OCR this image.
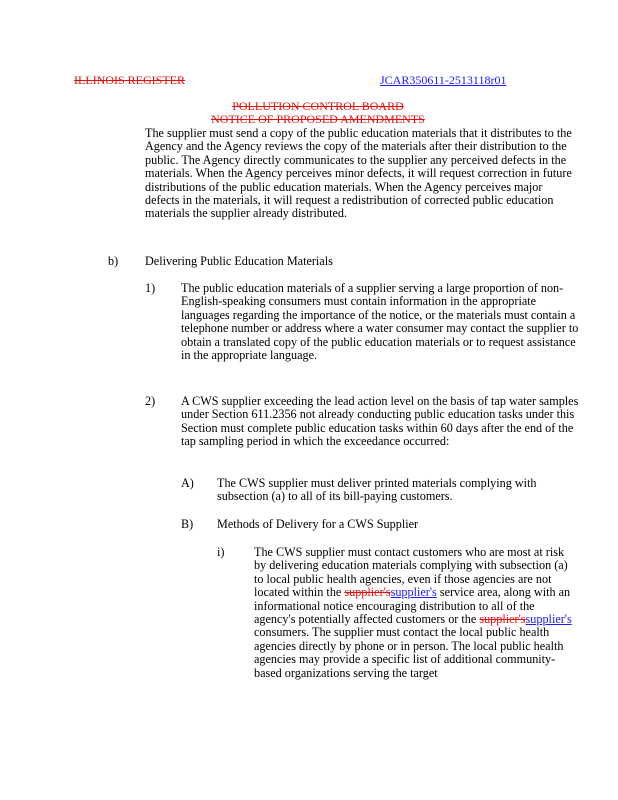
ILLINOIS REGISTER	JCAR350611-2513118r01
POLLUTION CONTROL BOARD
NOTICE OF PROPOSED AMENDMENTS
The supplier must send a copy of the public education materials that it distributes to the Agency and the Agency reviews the copy of the materials after their distribution to the public. The Agency directly communicates to the supplier any perceived defects in the materials. When the Agency perceives minor defects, it will request correction in future distributions of the public education materials. When the Agency perceives major defects in the materials, it will request a redistribution of corrected public education materials the supplier already distributed.
b) Delivering Public Education Materials
1) The public education materials of a supplier serving a large proportion of non-English-speaking consumers must contain information in the appropriate languages regarding the importance of the notice, or the materials must contain a telephone number or address where a water consumer may contact the supplier to obtain a translated copy of the public education materials or to request assistance in the appropriate language.
2) A CWS supplier exceeding the lead action level on the basis of tap water samples under Section 611.2356 not already conducting public education tasks under this Section must complete public education tasks within 60 days after the end of the tap sampling period in which the exceedance occurred:
A) The CWS supplier must deliver printed materials complying with subsection (a) to all of its bill-paying customers.
B) Methods of Delivery for a CWS Supplier
i) The CWS supplier must contact customers who are most at risk by delivering education materials complying with subsection (a) to local public health agencies, even if those agencies are not located within the supplier'ssupplier's service area, along with an informational notice encouraging distribution to all of the agency's potentially affected customers or the supplier'ssupplier's consumers. The supplier must contact the local public health agencies directly by phone or in person. The local public health agencies may provide a specific list of additional community-based organizations serving the target
